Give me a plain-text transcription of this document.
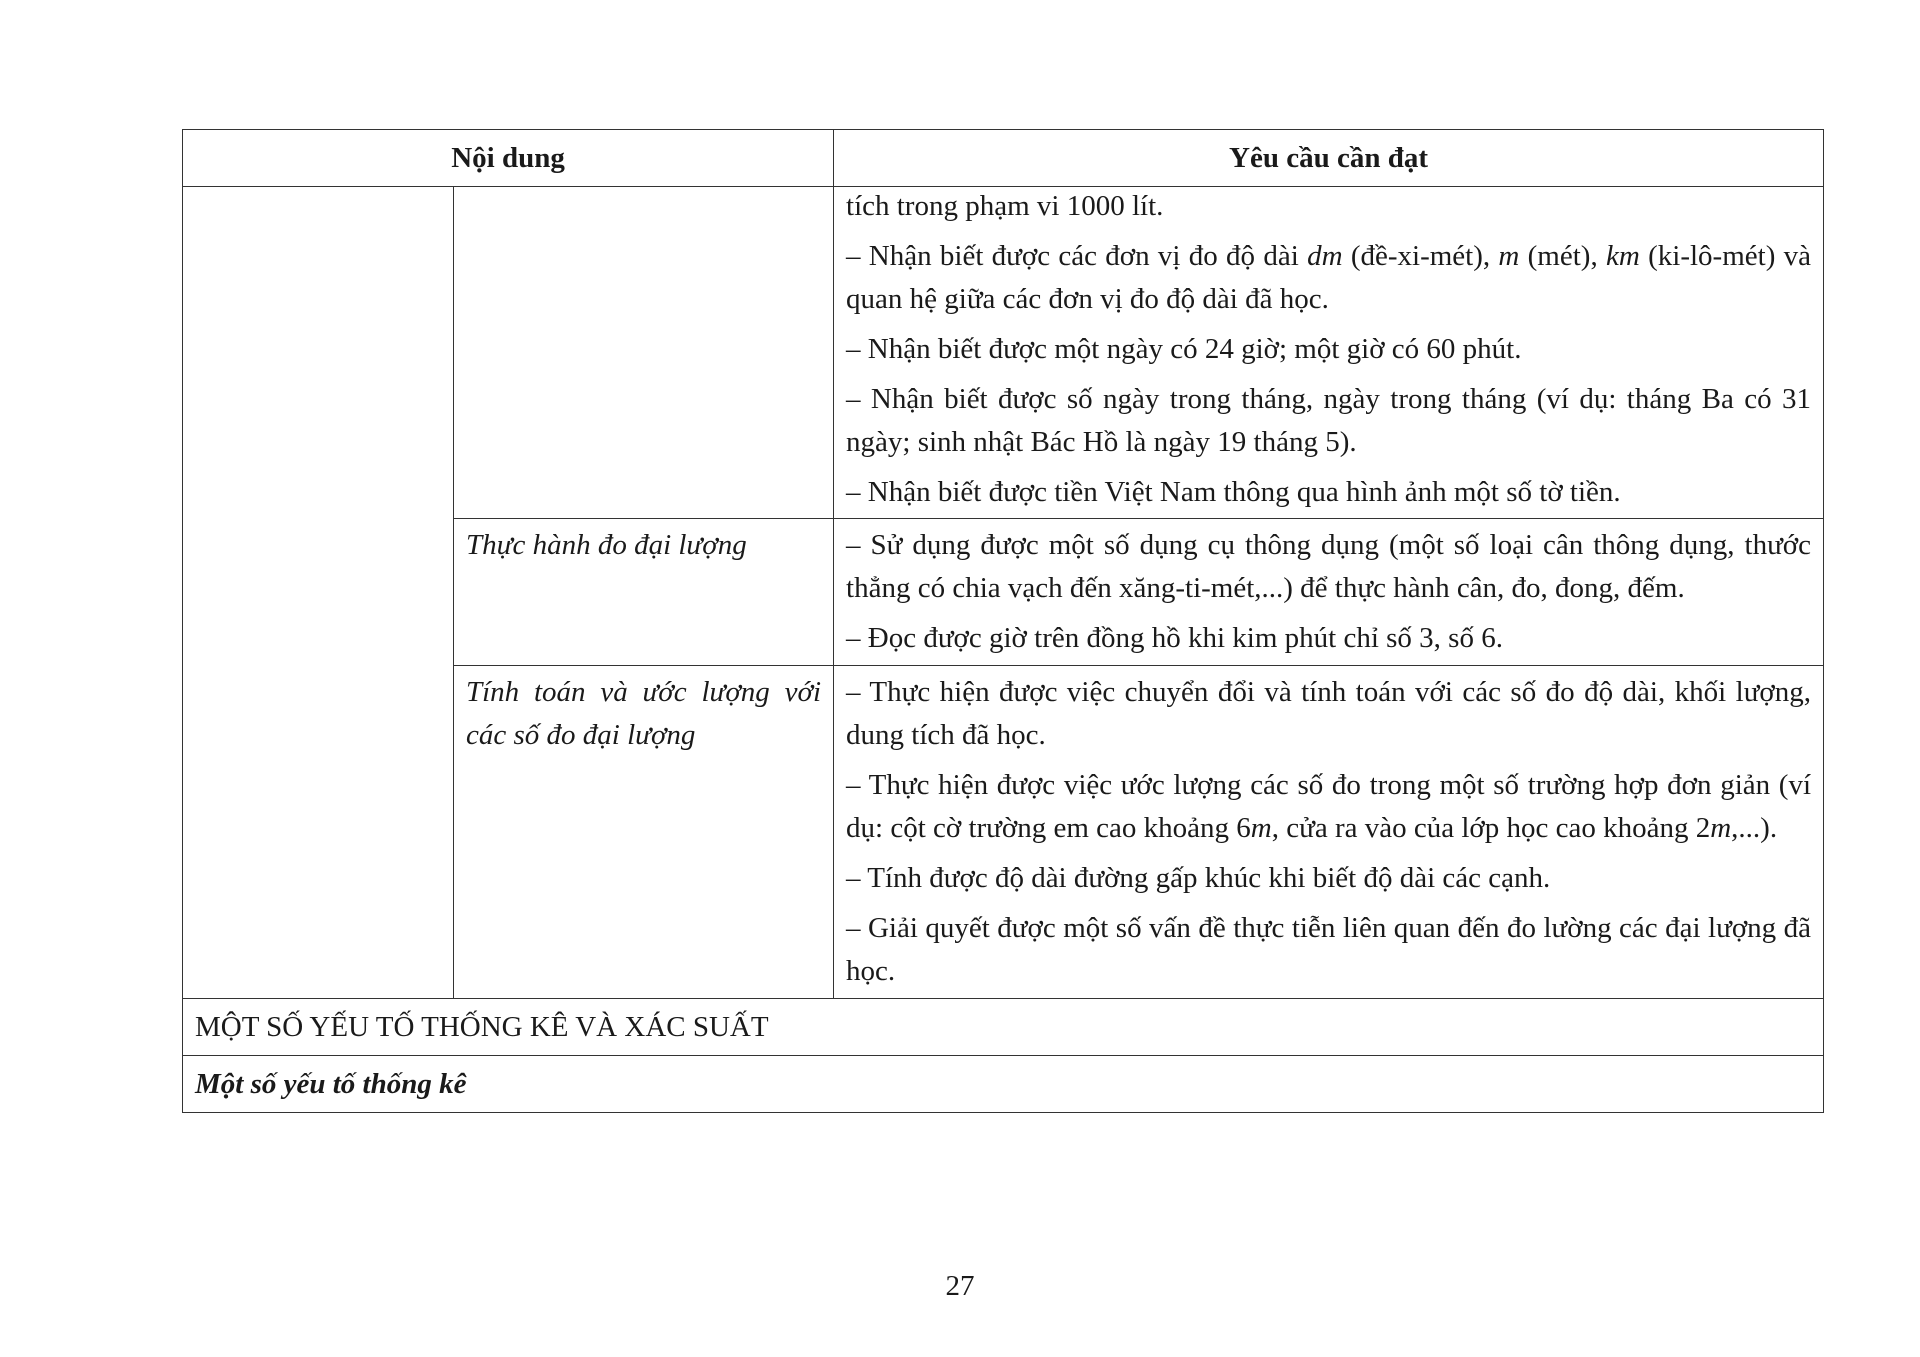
Nội dung		Yêu cầu cần đạt

		tích trong phạm vi 1000 lít.

– Nhận biết được các đơn vị đo độ dài dm (đề-xi-mét), m (mét), km (ki-lô-mét) và quan hệ giữa các đơn vị đo độ dài đã học.

– Nhận biết được một ngày có 24 giờ; một giờ có 60 phút.

– Nhận biết được số ngày trong tháng, ngày trong tháng (ví dụ: tháng Ba có 31 ngày; sinh nhật Bác Hồ là ngày 19 tháng 5).

– Nhận biết được tiền Việt Nam thông qua hình ảnh một số tờ tiền.

	Thực hành đo đại lượng	– Sử dụng được một số dụng cụ thông dụng (một số loại cân thông dụng, thước thẳng có chia vạch đến xăng-ti-mét,...) để thực hành cân, đo, đong, đếm.

– Đọc được giờ trên đồng hồ khi kim phút chỉ số 3, số 6.

	Tính toán và ước lượng với các số đo đại lượng	– Thực hiện được việc chuyển đổi và tính toán với các số đo độ dài, khối lượng, dung tích đã học.

– Thực hiện được việc ước lượng các số đo trong một số trường hợp đơn giản (ví dụ: cột cờ trường em cao khoảng 6m, cửa ra vào của lớp học cao khoảng 2m,...).

– Tính được độ dài đường gấp khúc khi biết độ dài các cạnh.

– Giải quyết được một số vấn đề thực tiễn liên quan đến đo lường các đại lượng đã học.

MỘT SỐ YẾU TỐ THỐNG KÊ VÀ XÁC SUẤT		
Một số yếu tố thống kê		
27
